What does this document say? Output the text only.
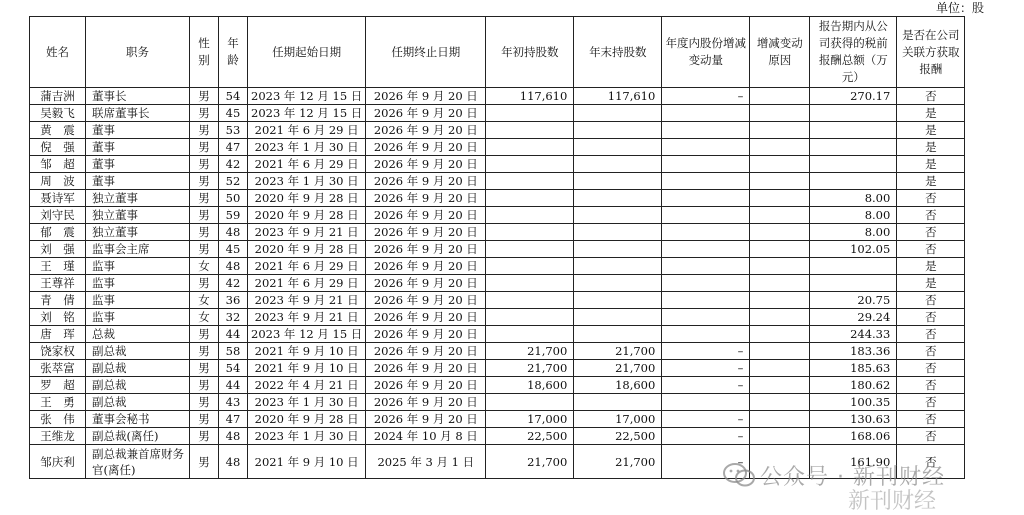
单位：股
姓名	职务	性别	年龄	任期起始日期	任期终止日期	年初持股数	年末持股数	年度内股份增减变动量	增减变动原因	报告期内从公司获得的税前报酬总额（万元）	是否在公司关联方获取报酬
蒲吉洲	董事长	男	54	2023 年 12 月 15 日	2026 年 9 月 20 日	117,610	117,610	–		270.17	否
吴毅飞	联席董事长	男	45	2023 年 12 月 15 日	2026 年 9 月 20 日						是
黄　震	董事	男	53	2021 年 6 月 29 日	2026 年 9 月 20 日						是
倪　强	董事	男	47	2023 年 1 月 30 日	2026 年 9 月 20 日						是
邹　超	董事	男	42	2021 年 6 月 29 日	2026 年 9 月 20 日						是
周　波	董事	男	52	2023 年 1 月 30 日	2026 年 9 月 20 日						是
聂诗军	独立董事	男	50	2020 年 9 月 28 日	2026 年 9 月 20 日					8.00	否
刘守民	独立董事	男	59	2020 年 9 月 28 日	2026 年 9 月 20 日					8.00	否
郁　震	独立董事	男	48	2023 年 9 月 21 日	2026 年 9 月 20 日					8.00	否
刘　强	监事会主席	男	45	2020 年 9 月 28 日	2026 年 9 月 20 日					102.05	否
王　瑾	监事	女	48	2021 年 6 月 29 日	2026 年 9 月 20 日						是
王尊祥	监事	男	42	2021 年 6 月 29 日	2026 年 9 月 20 日						是
青　倩	监事	女	36	2023 年 9 月 21 日	2026 年 9 月 20 日					20.75	否
刘　铭	监事	女	32	2023 年 9 月 21 日	2026 年 9 月 20 日					29.24	否
唐　珲	总裁	男	44	2023 年 12 月 15 日	2026 年 9 月 20 日					244.33	否
饶家权	副总裁	男	58	2021 年 9 月 10 日	2026 年 9 月 20 日	21,700	21,700	–		183.36	否
张萃富	副总裁	男	54	2021 年 9 月 10 日	2026 年 9 月 20 日	21,700	21,700	–		185.63	否
罗　超	副总裁	男	44	2022 年 4 月 21 日	2026 年 9 月 20 日	18,600	18,600	–		180.62	否
王　勇	副总裁	男	43	2023 年 1 月 30 日	2026 年 9 月 20 日					100.35	否
张　伟	董事会秘书	男	47	2020 年 9 月 28 日	2026 年 9 月 20 日	17,000	17,000	–		130.63	否
王维龙	副总裁(离任)	男	48	2023 年 1 月 30 日	2024 年 10 月 8 日	22,500	22,500	–		168.06	否
邹庆利	副总裁兼首席财务官(离任)	男	48	2021 年 9 月 10 日	2025 年 3 月 1 日	21,700	21,700	–		161.90	否
公众号 · 新刊财经
新刊财经
